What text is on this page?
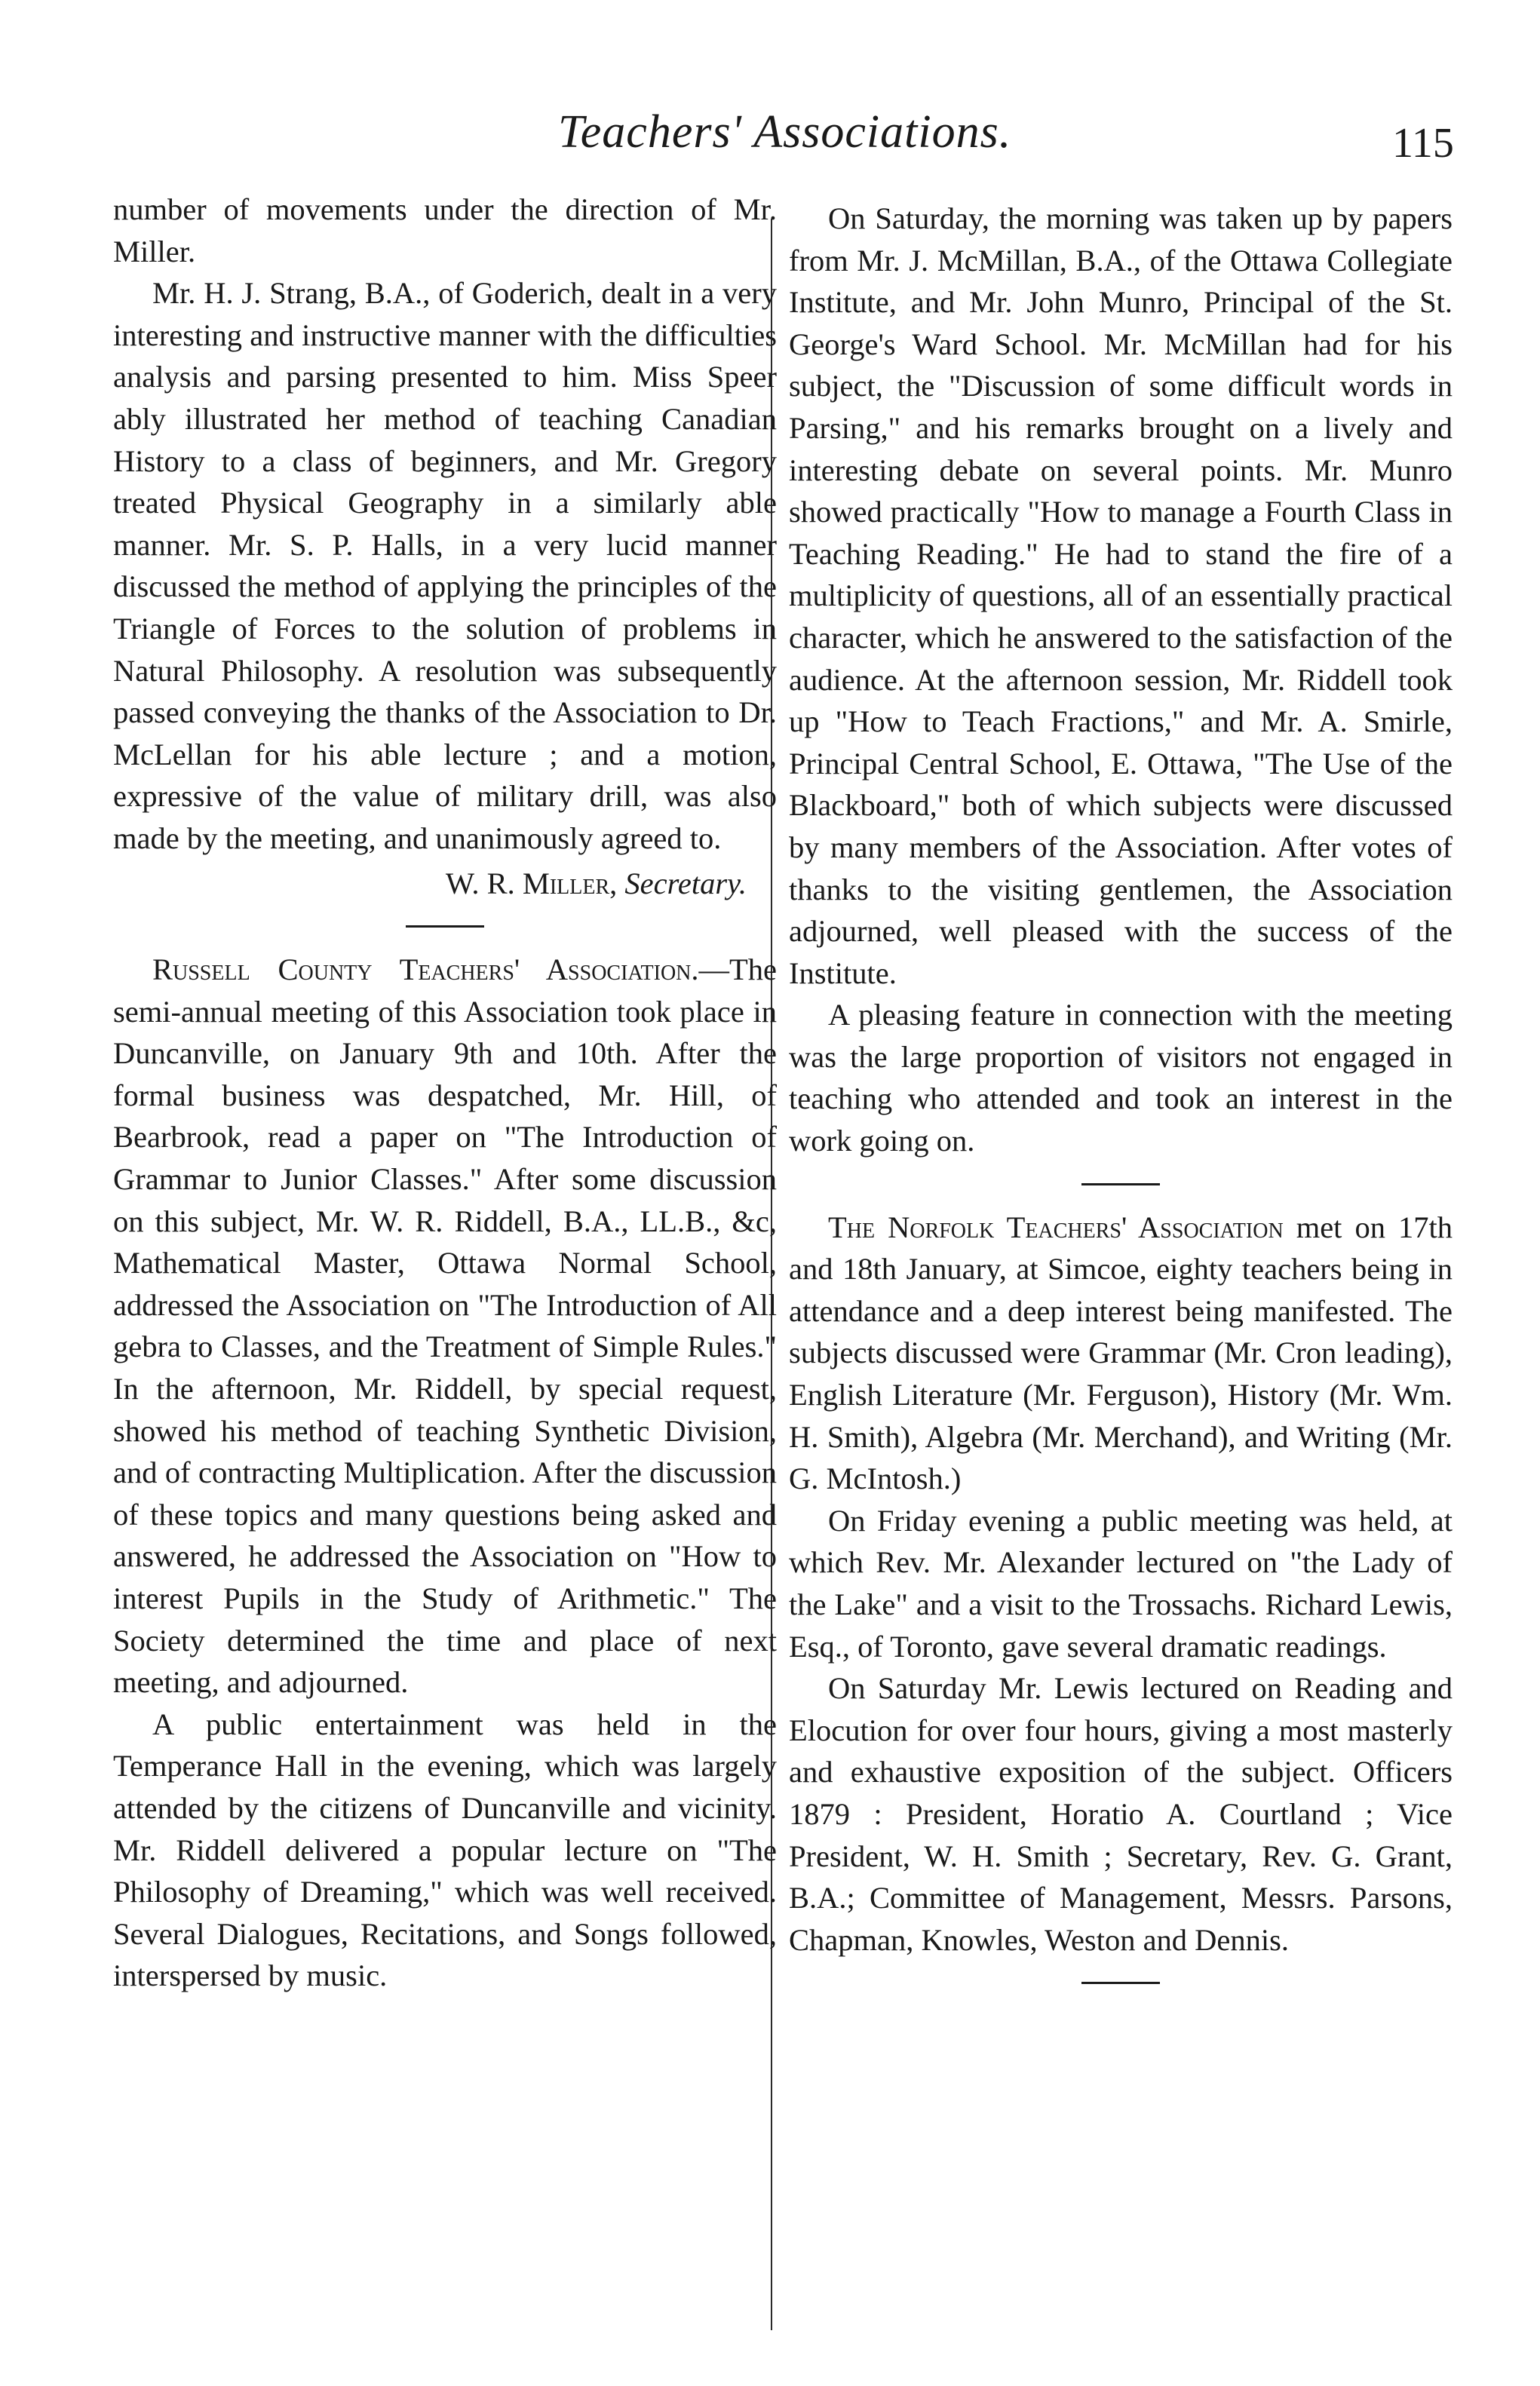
Teachers' Associations.	115

number of movements under the direction of Mr. Miller.

Mr. H. J. Strang, B.A., of Goderich, dealt in a very interesting and instructive manner with the difficulties analysis and parsing presented to him. Miss Speer ably illustrated her method of teaching Canadian History to a class of beginners, and Mr. Gregory treated Physical Geography in a similarly able manner. Mr. S. P. Halls, in a very lucid manner discussed the method of applying the principles of the Triangle of Forces to the solution of problems in Natural Philosophy. A resolution was subsequently passed conveying the thanks of the Association to Dr. McLellan for his able lecture ; and a motion, expressive of the value of military drill, was also made by the meeting, and unanimously agreed to.

W. R. Miller, Secretary.

Russell County Teachers' Association.—The semi-annual meeting of this Association took place in Duncanville, on January 9th and 10th. After the formal business was despatched, Mr. Hill, of Bearbrook, read a paper on "The Introduction of Grammar to Junior Classes." After some discussion on this subject, Mr. W. R. Riddell, B.A., LL.B., &c, Mathematical Master, Ottawa Normal School, addressed the Association on "The Introduction of All gebra to Classes, and the Treatment of Simple Rules." In the afternoon, Mr. Riddell, by special request, showed his method of teaching Synthetic Division, and of contracting Multiplication. After the discussion of these topics and many questions being asked and answered, he addressed the Association on "How to interest Pupils in the Study of Arithmetic." The Society determined the time and place of next meeting, and adjourned.

A public entertainment was held in the Temperance Hall in the evening, which was largely attended by the citizens of Duncanville and vicinity. Mr. Riddell delivered a popular lecture on "The Philosophy of Dreaming," which was well received. Several Dialogues, Recitations, and Songs followed, interspersed by music.

On Saturday, the morning was taken up by papers from Mr. J. McMillan, B.A., of the Ottawa Collegiate Institute, and Mr. John Munro, Principal of the St. George's Ward School. Mr. McMillan had for his subject, the "Discussion of some difficult words in Parsing," and his remarks brought on a lively and interesting debate on several points. Mr. Munro showed practically "How to manage a Fourth Class in Teaching Reading." He had to stand the fire of a multiplicity of questions, all of an essentially practical character, which he answered to the satisfaction of the audience. At the afternoon session, Mr. Riddell took up "How to Teach Fractions," and Mr. A. Smirle, Principal Central School, E. Ottawa, "The Use of the Blackboard," both of which subjects were discussed by many members of the Association. After votes of thanks to the visiting gentlemen, the Association adjourned, well pleased with the success of the Institute.

A pleasing feature in connection with the meeting was the large proportion of visitors not engaged in teaching who attended and took an interest in the work going on.

The Norfolk Teachers' Association met on 17th and 18th January, at Simcoe, eighty teachers being in attendance and a deep interest being manifested. The subjects discussed were Grammar (Mr. Cron leading), English Literature (Mr. Ferguson), History (Mr. Wm. H. Smith), Algebra (Mr. Merchand), and Writing (Mr. G. McIntosh.)

On Friday evening a public meeting was held, at which Rev. Mr. Alexander lectured on "the Lady of the Lake" and a visit to the Trossachs. Richard Lewis, Esq., of Toronto, gave several dramatic readings.

On Saturday Mr. Lewis lectured on Reading and Elocution for over four hours, giving a most masterly and exhaustive exposition of the subject. Officers 1879 : President, Horatio A. Courtland ; Vice President, W. H. Smith ; Secretary, Rev. G. Grant, B.A.; Committee of Management, Messrs. Parsons, Chapman, Knowles, Weston and Dennis.
